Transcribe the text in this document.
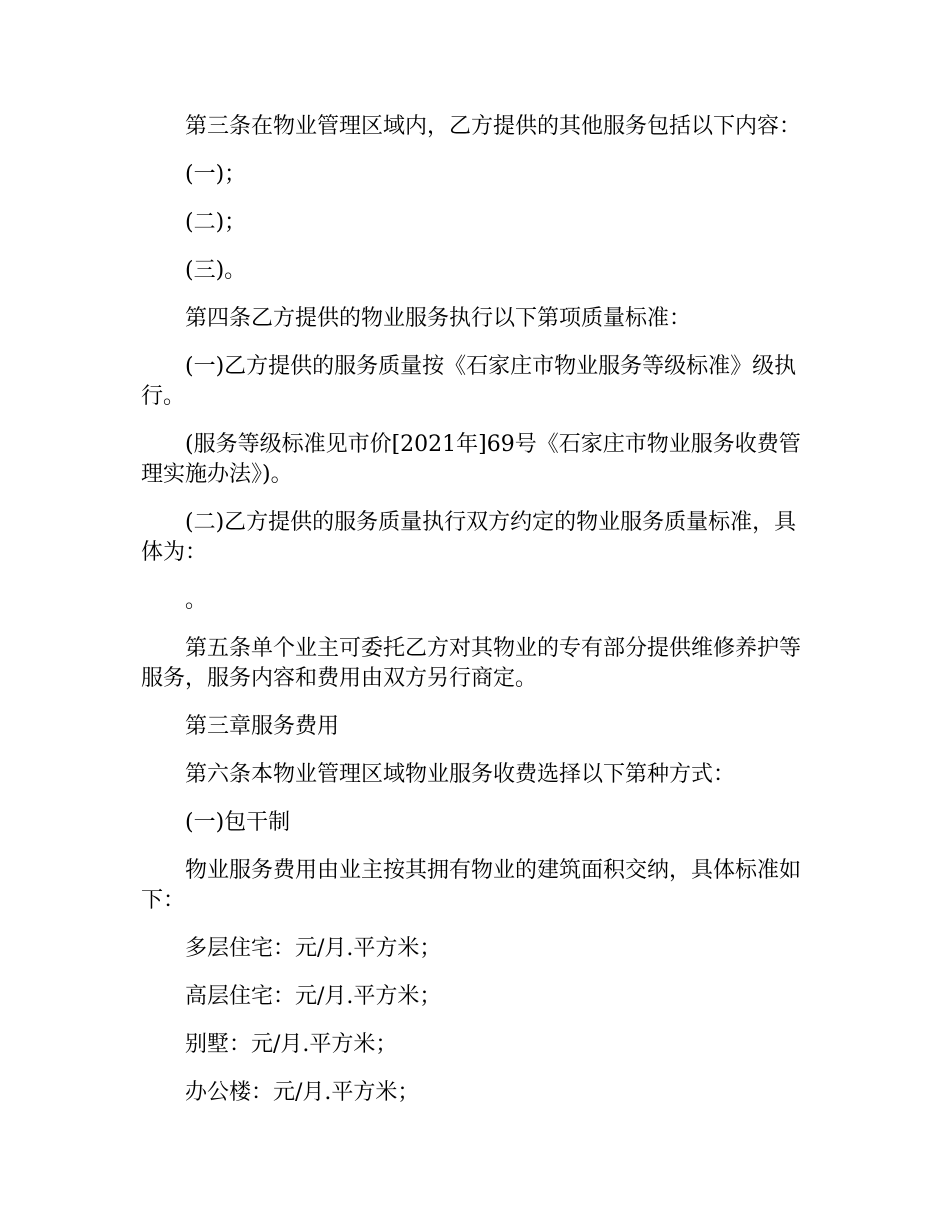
第三条在物业管理区域内，乙方提供的其他服务包括以下内容：

(一)；

(二)；

(三)。

第四条乙方提供的物业服务执行以下第项质量标准：

(一)乙方提供的服务质量按《石家庄市物业服务等级标准》级执行。

(服务等级标准见市价[2021年]69号《石家庄市物业服务收费管理实施办法》)。

(二)乙方提供的服务质量执行双方约定的物业服务质量标准，具体为：

。

第五条单个业主可委托乙方对其物业的专有部分提供维修养护等服务，服务内容和费用由双方另行商定。

第三章服务费用

第六条本物业管理区域物业服务收费选择以下第种方式：

(一)包干制

物业服务费用由业主按其拥有物业的建筑面积交纳，具体标准如下：

多层住宅：元/月.平方米；

高层住宅：元/月.平方米；

别墅：元/月.平方米；

办公楼：元/月.平方米；
